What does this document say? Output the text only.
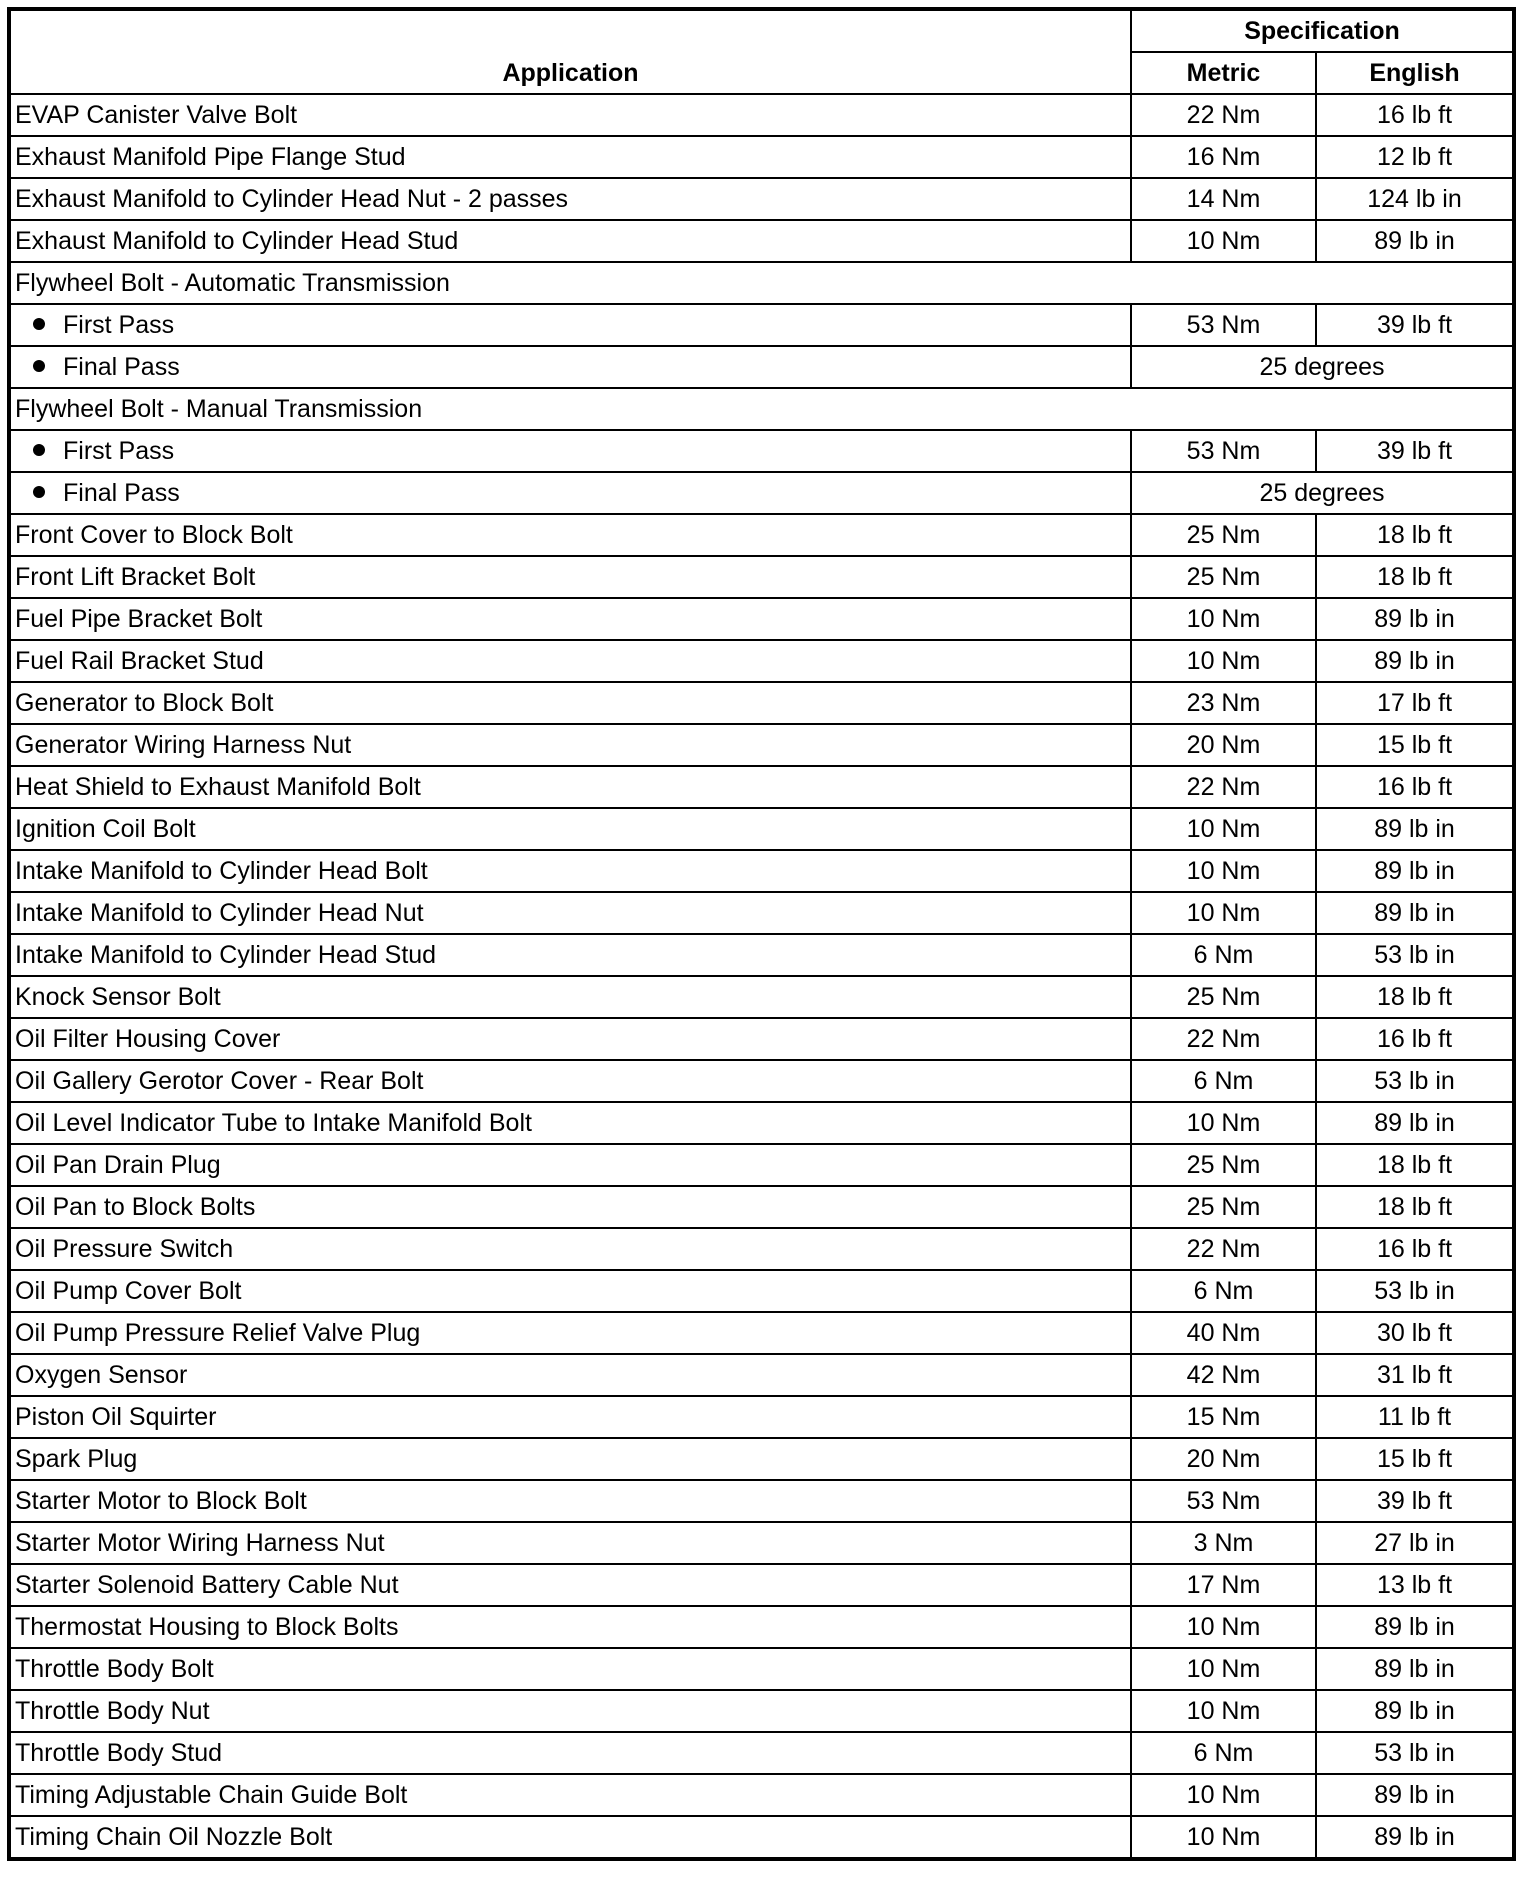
Application	Specification	
	Metric	English
EVAP Canister Valve Bolt	22 Nm	16 lb ft
Exhaust Manifold Pipe Flange Stud	16 Nm	12 lb ft
Exhaust Manifold to Cylinder Head Nut - 2 passes	14 Nm	124 lb in
Exhaust Manifold to Cylinder Head Stud	10 Nm	89 lb in
Flywheel Bolt - Automatic Transmission		
First Pass	53 Nm	39 lb ft
Final Pass	25 degrees	
Flywheel Bolt - Manual Transmission		
First Pass	53 Nm	39 lb ft
Final Pass	25 degrees	
Front Cover to Block Bolt	25 Nm	18 lb ft
Front Lift Bracket Bolt	25 Nm	18 lb ft
Fuel Pipe Bracket Bolt	10 Nm	89 lb in
Fuel Rail Bracket Stud	10 Nm	89 lb in
Generator to Block Bolt	23 Nm	17 lb ft
Generator Wiring Harness Nut	20 Nm	15 lb ft
Heat Shield to Exhaust Manifold Bolt	22 Nm	16 lb ft
Ignition Coil Bolt	10 Nm	89 lb in
Intake Manifold to Cylinder Head Bolt	10 Nm	89 lb in
Intake Manifold to Cylinder Head Nut	10 Nm	89 lb in
Intake Manifold to Cylinder Head Stud	6 Nm	53 lb in
Knock Sensor Bolt	25 Nm	18 lb ft
Oil Filter Housing Cover	22 Nm	16 lb ft
Oil Gallery Gerotor Cover - Rear Bolt	6 Nm	53 lb in
Oil Level Indicator Tube to Intake Manifold Bolt	10 Nm	89 lb in
Oil Pan Drain Plug	25 Nm	18 lb ft
Oil Pan to Block Bolts	25 Nm	18 lb ft
Oil Pressure Switch	22 Nm	16 lb ft
Oil Pump Cover Bolt	6 Nm	53 lb in
Oil Pump Pressure Relief Valve Plug	40 Nm	30 lb ft
Oxygen Sensor	42 Nm	31 lb ft
Piston Oil Squirter	15 Nm	11 lb ft
Spark Plug	20 Nm	15 lb ft
Starter Motor to Block Bolt	53 Nm	39 lb ft
Starter Motor Wiring Harness Nut	3 Nm	27 lb in
Starter Solenoid Battery Cable Nut	17 Nm	13 lb ft
Thermostat Housing to Block Bolts	10 Nm	89 lb in
Throttle Body Bolt	10 Nm	89 lb in
Throttle Body Nut	10 Nm	89 lb in
Throttle Body Stud	6 Nm	53 lb in
Timing Adjustable Chain Guide Bolt	10 Nm	89 lb in
Timing Chain Oil Nozzle Bolt	10 Nm	89 lb in
